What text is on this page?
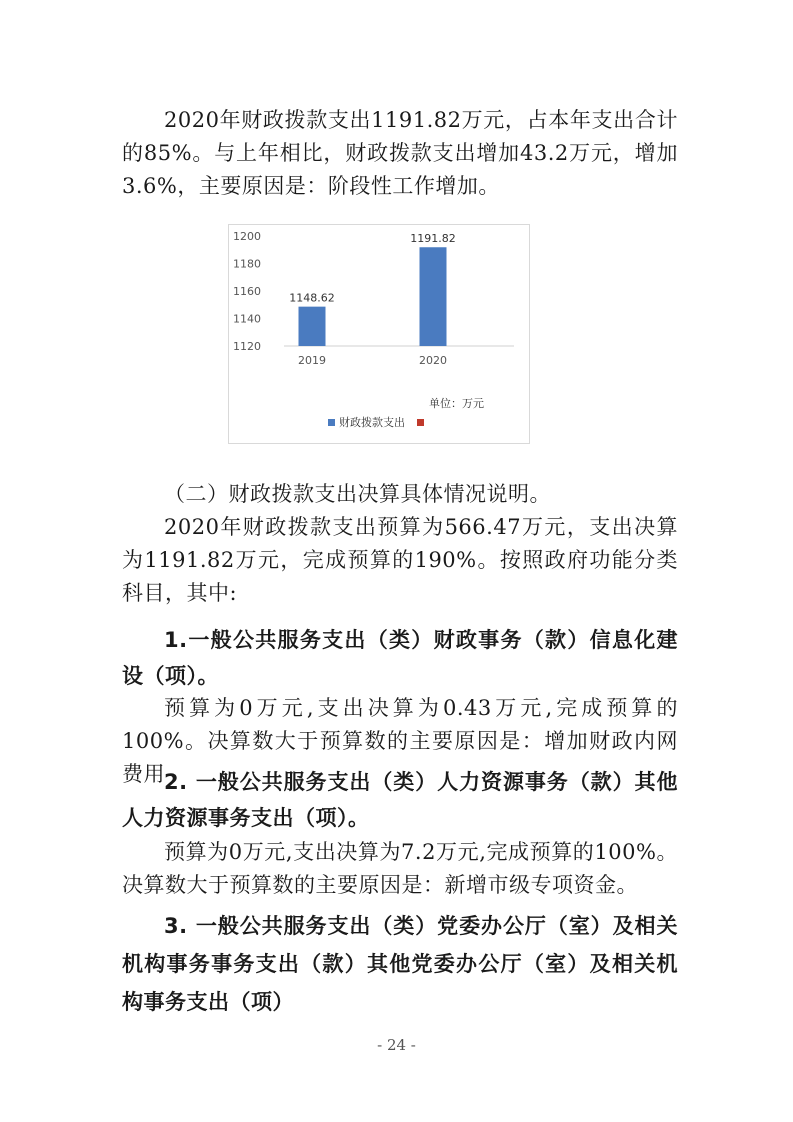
2020年财政拨款支出1191.82万元，占本年支出合计的85%。与上年相比，财政拨款支出增加43.2万元，增加3.6%，主要原因是：阶段性工作增加。

1200
1180
1160
1140
1120
2019	2020
1148.62
1191.82
单位：万元
财政拨款支出

（二）财政拨款支出决算具体情况说明。

2020年财政拨款支出预算为566.47万元，支出决算为1191.82万元，完成预算的190%。按照政府功能分类科目，其中:

1.一般公共服务支出（类）财政事务（款）信息化建设（项）。

预算为0万元,支出决算为0.43万元,完成预算的100%。决算数大于预算数的主要原因是：增加财政内网费用 2. 一般公共服务支出（类）人力资源事务（款）其他人力资源事务支出（项）。

预算为0万元,支出决算为7.2万元,完成预算的100%。决算数大于预算数的主要原因是：新增市级专项资金。

3. 一般公共服务支出（类）党委办公厅（室）及相关机构事务事务支出（款）其他党委办公厅（室）及相关机构事务支出（项）

- 24 -
